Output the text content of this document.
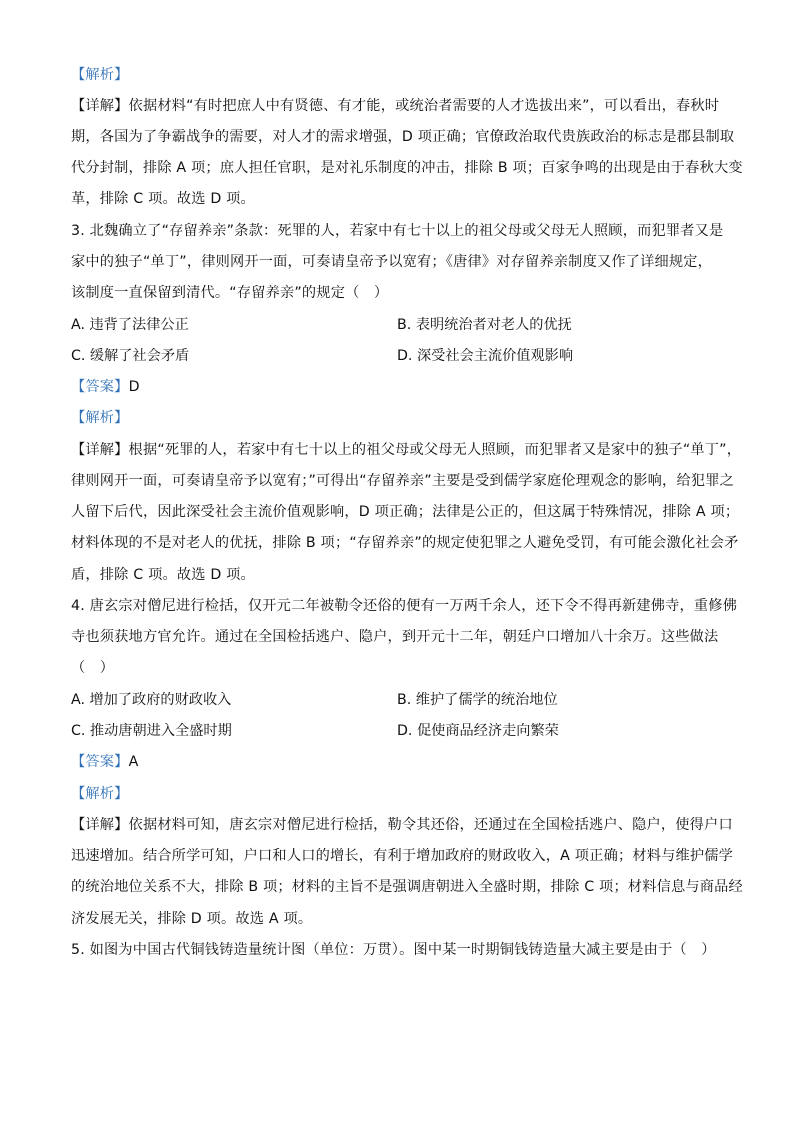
【解析】
【详解】依据材料“有时把庶人中有贤德、有才能，或统治者需要的人才选拔出来”，可以看出，春秋时
期，各国为了争霸战争的需要，对人才的需求增强，D 项正确；官僚政治取代贵族政治的标志是郡县制取
代分封制，排除 A 项；庶人担任官职，是对礼乐制度的冲击，排除 B 项；百家争鸣的出现是由于春秋大变
革，排除 C 项。故选 D 项。
3. 北魏确立了“存留养亲”条款：死罪的人，若家中有七十以上的祖父母或父母无人照顾，而犯罪者又是
家中的独子“单丁”，律则网开一面，可奏请皇帝予以宽宥；《唐律》对存留养亲制度又作了详细规定，
该制度一直保留到清代。“存留养亲”的规定（　）
A. 违背了法律公正	B. 表明统治者对老人的优抚
C. 缓解了社会矛盾	D. 深受社会主流价值观影响
【答案】D
【解析】
【详解】根据“死罪的人，若家中有七十以上的祖父母或父母无人照顾，而犯罪者又是家中的独子“单丁”，
律则网开一面，可奏请皇帝予以宽宥；”可得出“存留养亲”主要是受到儒学家庭伦理观念的影响，给犯罪之
人留下后代，因此深受社会主流价值观影响，D 项正确；法律是公正的，但这属于特殊情况，排除 A 项；
材料体现的不是对老人的优抚，排除 B 项；“存留养亲”的规定使犯罪之人避免受罚，有可能会激化社会矛
盾，排除 C 项。故选 D 项。
4. 唐玄宗对僧尼进行检括，仅开元二年被勒令还俗的便有一万两千余人，还下令不得再新建佛寺，重修佛
寺也须获地方官允许。通过在全国检括逃户、隐户，到开元十二年，朝廷户口增加八十余万。这些做法
（　）
A. 增加了政府的财政收入	B. 维护了儒学的统治地位
C. 推动唐朝进入全盛时期	D. 促使商品经济走向繁荣
【答案】A
【解析】
【详解】依据材料可知，唐玄宗对僧尼进行检括，勒令其还俗，还通过在全国检括逃户、隐户，使得户口
迅速增加。结合所学可知，户口和人口的增长，有利于增加政府的财政收入，A 项正确；材料与维护儒学
的统治地位关系不大，排除 B 项；材料的主旨不是强调唐朝进入全盛时期，排除 C 项；材料信息与商品经
济发展无关，排除 D 项。故选 A 项。
5. 如图为中国古代铜钱铸造量统计图（单位：万贯）。图中某一时期铜钱铸造量大减主要是由于（　）
